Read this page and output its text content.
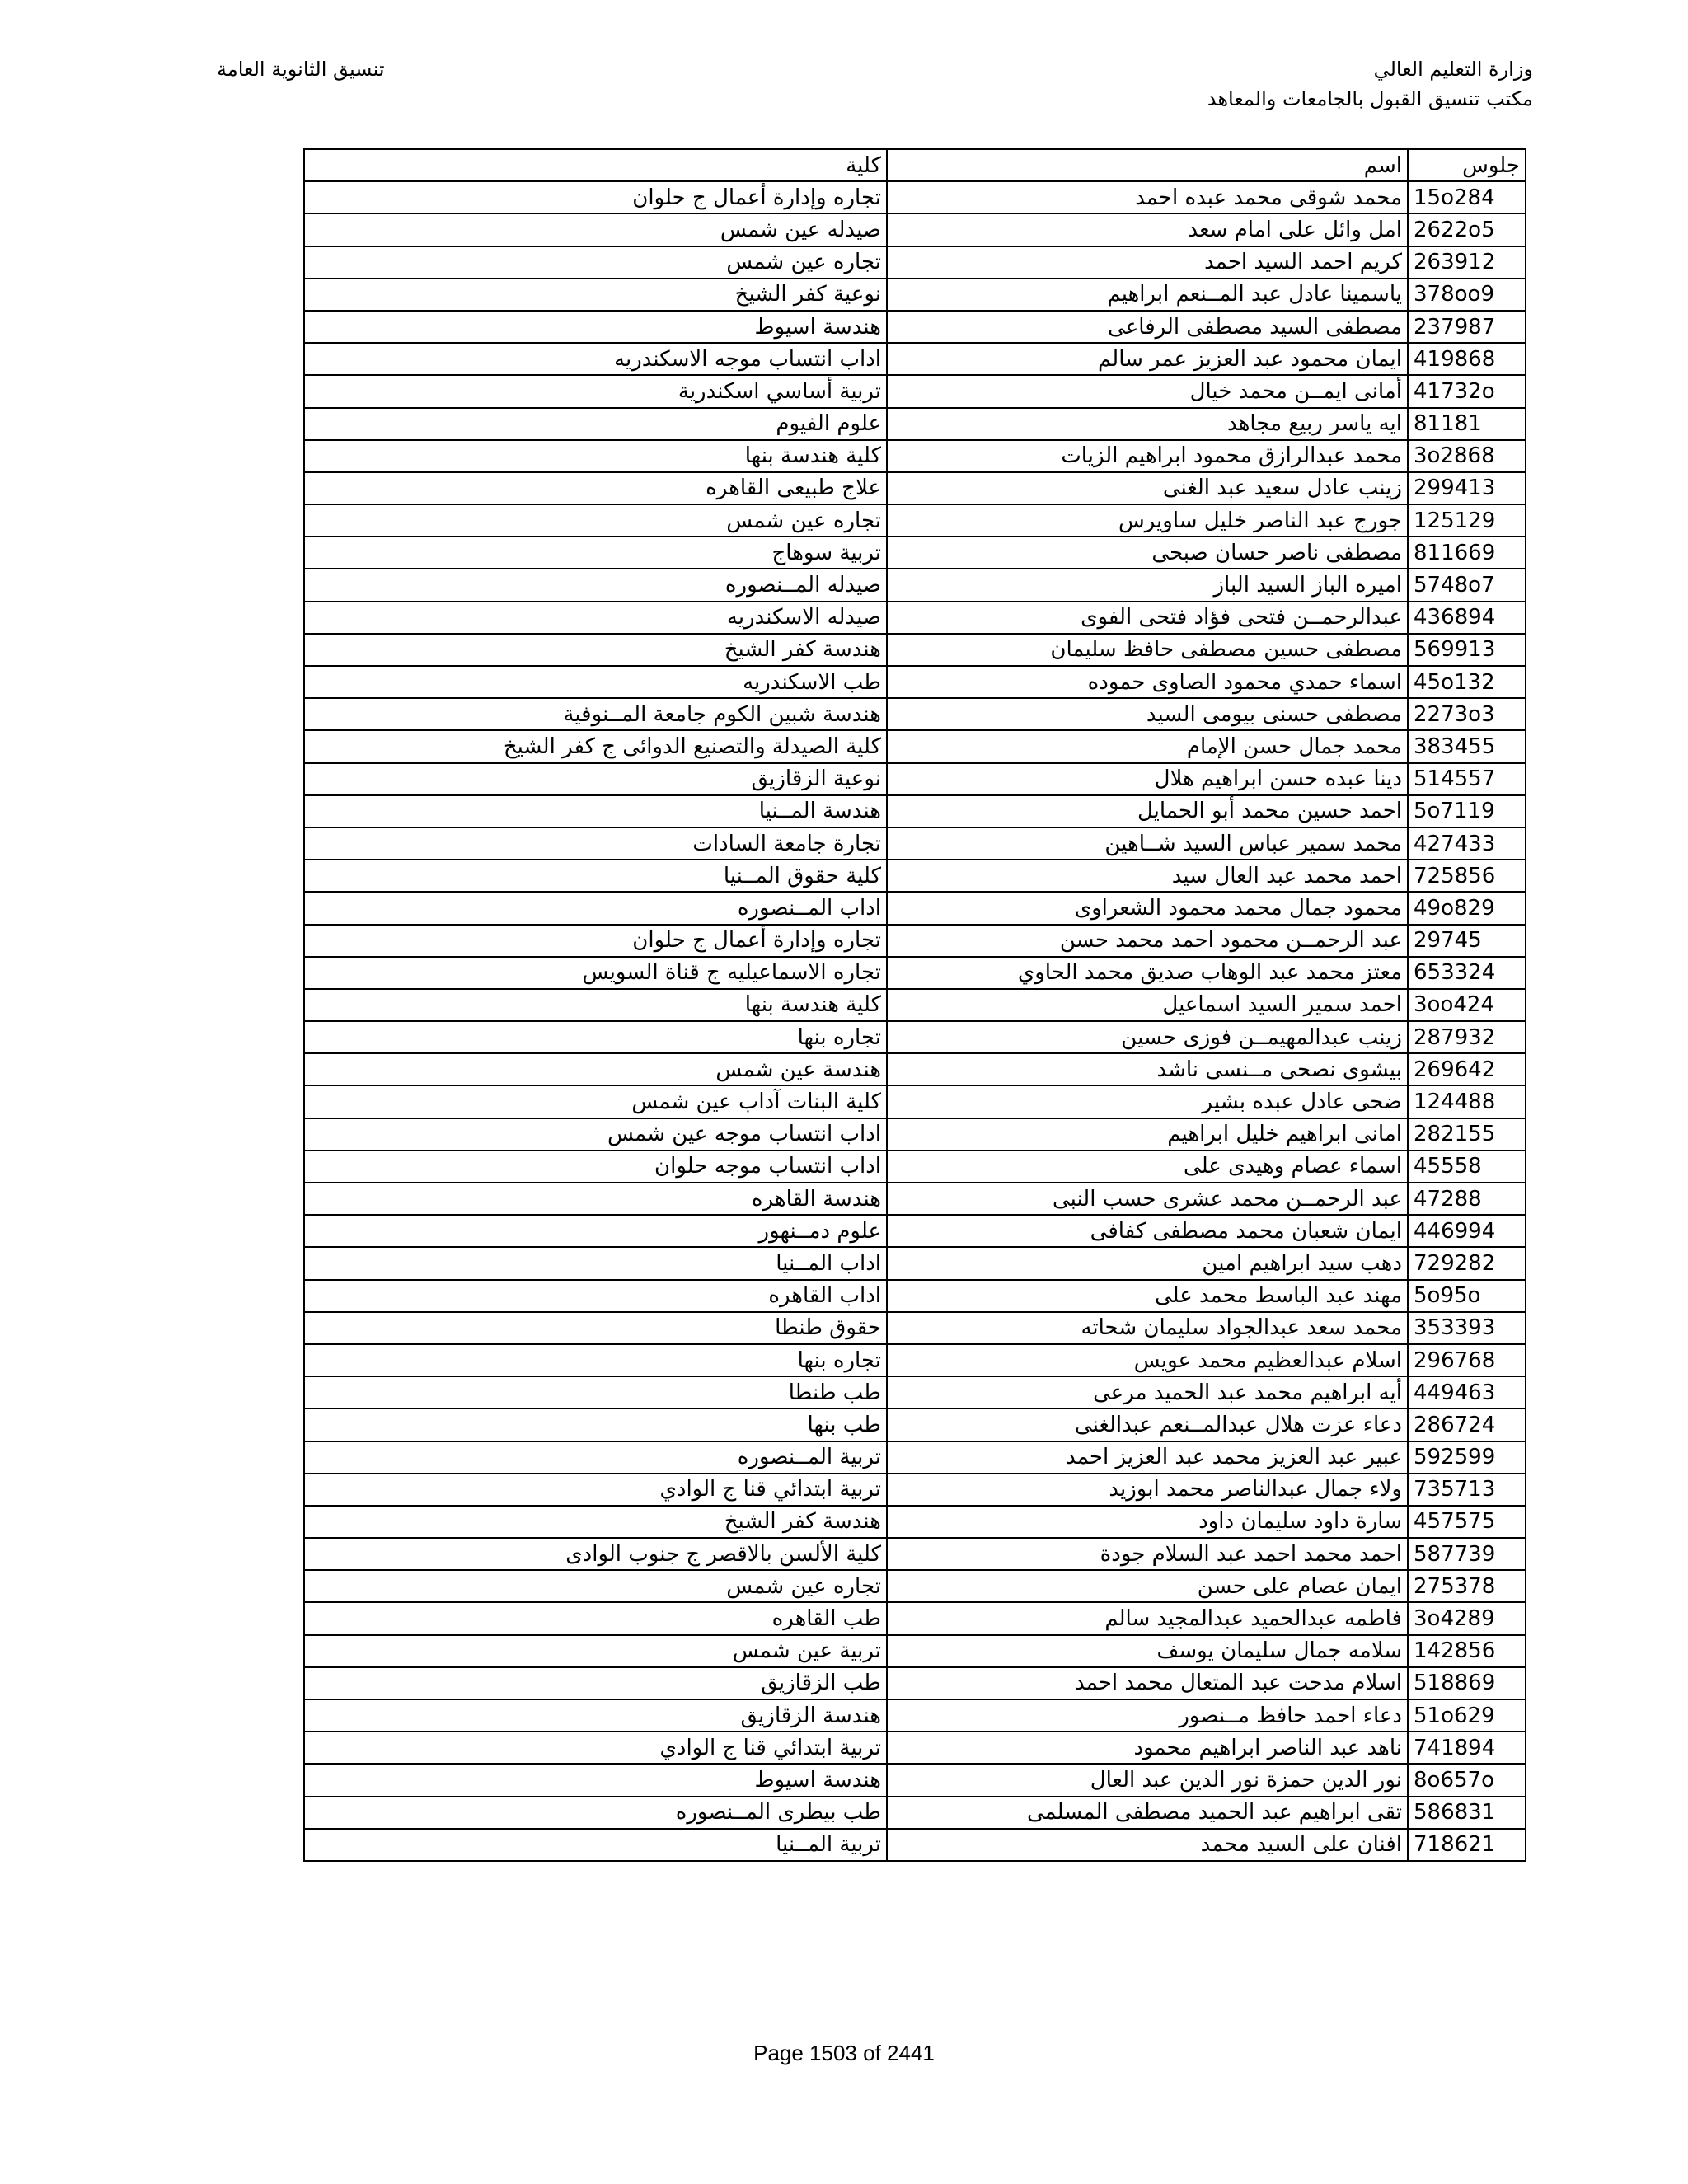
وزارة التعليم العالي
مكتب تنسيق القبول بالجامعات والمعاهد
تنسيق الثانوية العامة
جلوس	اسم	كلية
15o284	محمد شوقى محمد عبده احمد	تجاره وإدارة أعمال ج حلوان
2622o5	امل وائل على امام سعد	صيدله عين شمس
263912	كريم احمد السيد احمد	تجاره عين شمس
378oo9	ياسمينا عادل عبد المــنعم ابراهيم	نوعية كفر الشيخ
237987	مصطفى السيد مصطفى الرفاعى	هندسة اسيوط
419868	ايمان محمود عبد العزيز عمر سالم	اداب انتساب موجه الاسكندريه
41732o	أمانى ايمــن محمد خيال	تربية أساسي اسكندرية
81181	ايه ياسر ربيع مجاهد	علوم الفيوم
3o2868	محمد عبدالرازق محمود ابراهيم الزيات	كلية هندسة بنها
299413	زينب عادل سعيد عبد الغنى	علاج طبيعى القاهره
125129	جورج عبد الناصر خليل ساويرس	تجاره عين شمس
811669	مصطفى ناصر حسان صبحى	تربية سوهاج
5748o7	اميره الباز السيد الباز	صيدله المــنصوره
436894	عبدالرحمــن فتحى فؤاد فتحى الفوى	صيدله الاسكندريه
569913	مصطفى حسين مصطفى حافظ سليمان	هندسة كفر الشيخ
45o132	اسماء حمدي محمود الصاوى حموده	طب الاسكندريه
2273o3	مصطفى حسنى بيومى السيد	هندسة شبين الكوم جامعة المــنوفية
383455	محمد جمال حسن الإمام	كلية الصيدلة والتصنيع الدوائى ج كفر الشيخ
514557	دينا عبده حسن ابراهيم هلال	نوعية الزقازيق
5o7119	احمد حسين محمد أبو الحمايل	هندسة المــنيا
427433	محمد سمير عباس السيد شــاهين	تجارة جامعة السادات
725856	احمد محمد عبد العال سيد	كلية حقوق المــنيا
49o829	محمود جمال محمد محمود الشعراوى	اداب المــنصوره
29745	عبد الرحمــن محمود احمد محمد حسن	تجاره وإدارة أعمال ج حلوان
653324	معتز محمد عبد الوهاب صديق محمد الحاوي	تجاره الاسماعيليه ج قناة السويس
3oo424	احمد سمير السيد اسماعيل	كلية هندسة بنها
287932	زينب عبدالمهيمــن فوزى حسين	تجاره بنها
269642	بيشوى نصحى مــنسى ناشد	هندسة عين شمس
124488	ضحى عادل عبده بشير	كلية البنات آداب عين شمس
282155	امانى ابراهيم خليل ابراهيم	اداب انتساب موجه عين شمس
45558	اسماء عصام وهيدى على	اداب انتساب موجه حلوان
47288	عبد الرحمــن محمد عشرى حسب النبى	هندسة القاهره
446994	ايمان شعبان محمد مصطفى كفافى	علوم دمــنهور
729282	دهب سيد ابراهيم امين	اداب المــنيا
5o95o	مهند عبد الباسط محمد على	اداب القاهره
353393	محمد سعد عبدالجواد سليمان شحاته	حقوق طنطا
296768	اسلام عبدالعظيم محمد عويس	تجاره بنها
449463	أيه ابراهيم محمد عبد الحميد مرعى	طب طنطا
286724	دعاء عزت هلال عبدالمــنعم عبدالغنى	طب بنها
592599	عبير عبد العزيز محمد عبد العزيز احمد	تربية المــنصوره
735713	ولاء جمال عبدالناصر محمد ابوزيد	تربية ابتدائي قنا ج الوادي
457575	سارة داود سليمان داود	هندسة كفر الشيخ
587739	احمد محمد احمد عبد السلام جودة	كلية الألسن بالاقصر ج جنوب الوادى
275378	ايمان عصام على حسن	تجاره عين شمس
3o4289	فاطمه عبدالحميد عبدالمجيد سالم	طب القاهره
142856	سلامه جمال سليمان يوسف	تربية عين شمس
518869	اسلام مدحت عبد المتعال محمد احمد	طب الزقازيق
51o629	دعاء احمد حافظ مــنصور	هندسة الزقازيق
741894	ناهد عبد الناصر ابراهيم محمود	تربية ابتدائي قنا ج الوادي
8o657o	نور الدين حمزة نور الدين عبد العال	هندسة اسيوط
586831	تقى ابراهيم عبد الحميد مصطفى المسلمى	طب بيطرى المــنصوره
718621	افنان على السيد محمد	تربية المــنيا
Page 1503 of 2441
